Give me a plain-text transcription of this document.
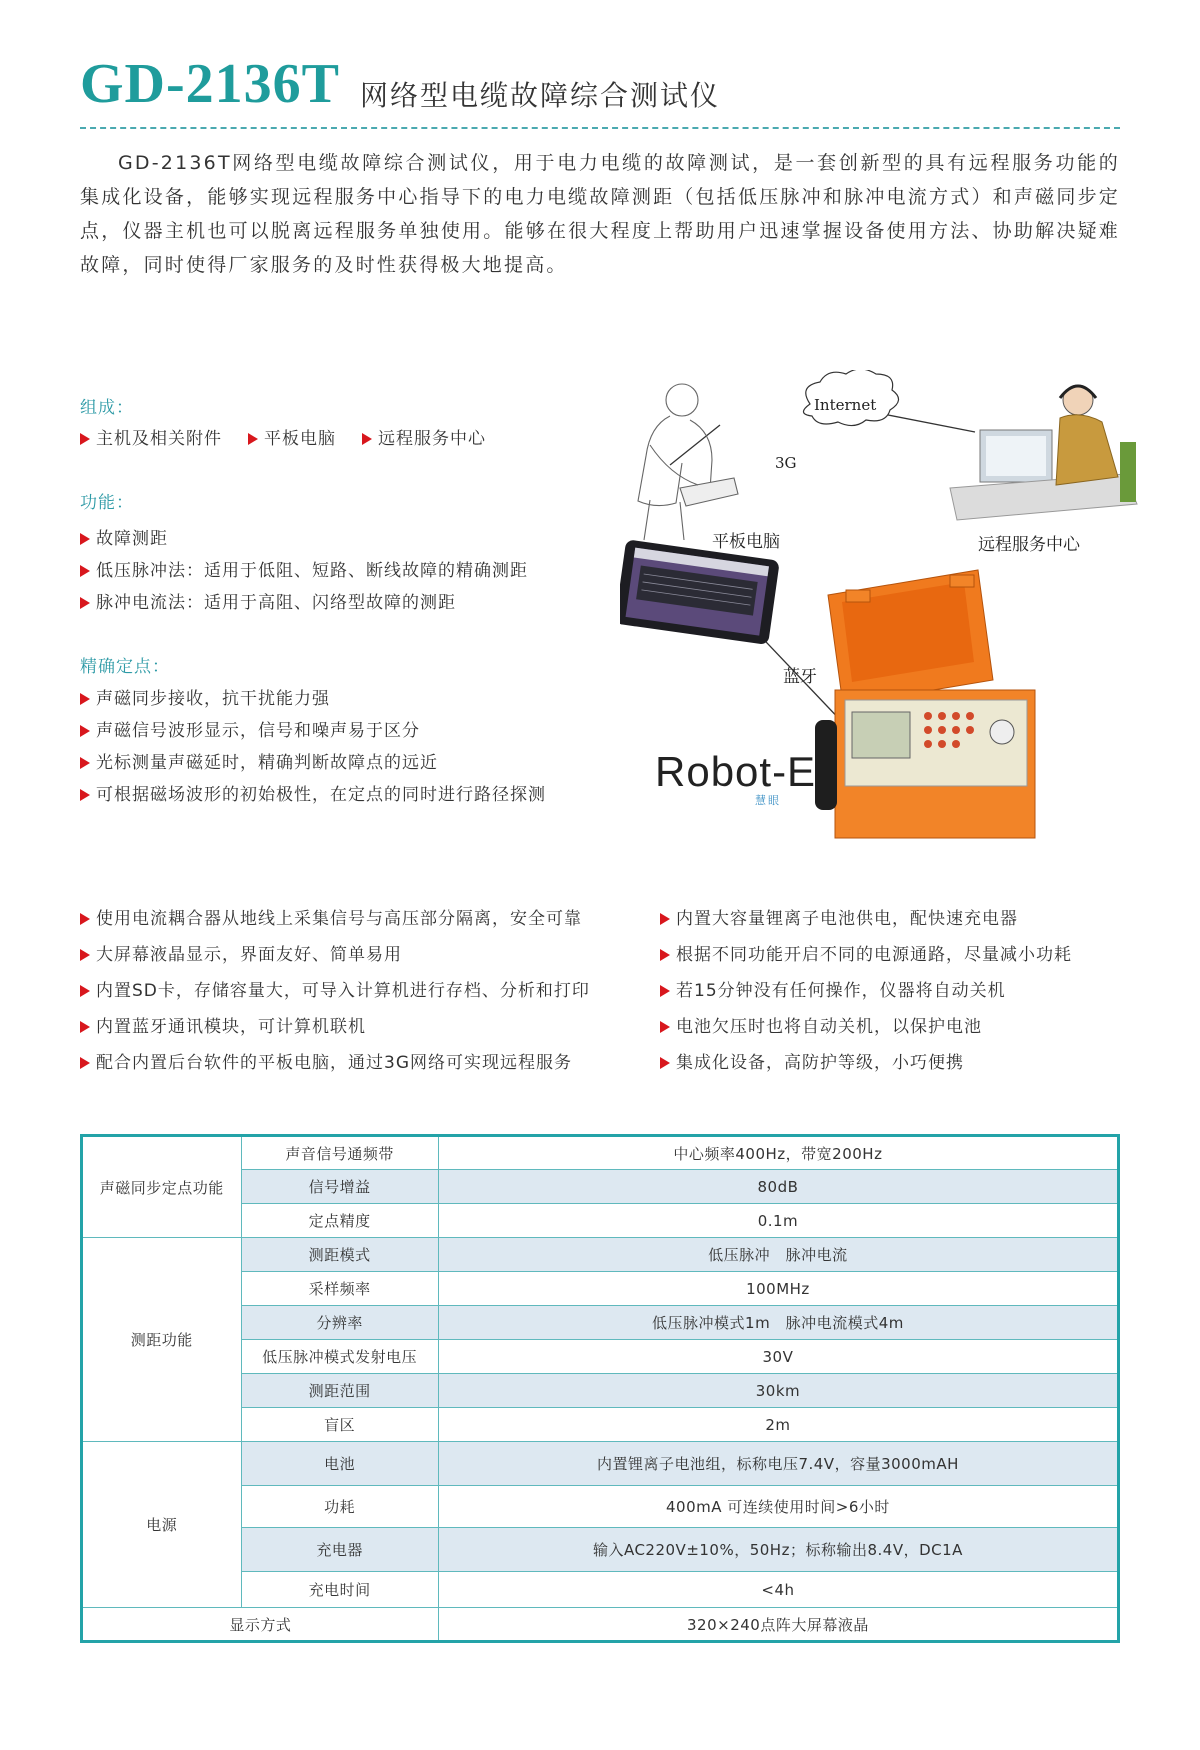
GD-2136T 网络型电缆故障综合测试仪

GD-2136T网络型电缆故障综合测试仪，用于电力电缆的故障测试，是一套创新型的具有远程服务功能的集成化设备，能够实现远程服务中心指导下的电力电缆故障测距（包括低压脉冲和脉冲电流方式）和声磁同步定点，仪器主机也可以脱离远程服务单独使用。能够在很大程度上帮助用户迅速掌握设备使用方法、协助解决疑难故障，同时使得厂家服务的及时性获得极大地提高。

组成：
主机及相关附件	平板电脑	远程服务中心
功能：
故障测距
低压脉冲法：适用于低阻、短路、断线故障的精确测距
脉冲电流法：适用于高阻、闪络型故障的测距
精确定点：
声磁同步接收，抗干扰能力强
声磁信号波形显示，信号和噪声易于区分
光标测量声磁延时，精确判断故障点的远近
可根据磁场波形的初始极性，在定点的同时进行路径探测
Internet
3G
平板电脑	远程服务中心
蓝牙
Robot-E
慧眼
使用电流耦合器从地线上采集信号与高压部分隔离，安全可靠
大屏幕液晶显示，界面友好、简单易用
内置SD卡，存储容量大，可导入计算机进行存档、分析和打印
内置蓝牙通讯模块，可计算机联机
配合内置后台软件的平板电脑，通过3G网络可实现远程服务
内置大容量锂离子电池供电，配快速充电器
根据不同功能开启不同的电源通路，尽量减小功耗
若15分钟没有任何操作，仪器将自动关机
电池欠压时也将自动关机，以保护电池
集成化设备，高防护等级，小巧便携
声磁同步定点功能	声音信号通频带	中心频率400Hz，带宽200Hz
	信号增益	80dB
	定点精度	0.1m
测距功能	测距模式	低压脉冲　脉冲电流
	采样频率	100MHz
	分辨率	低压脉冲模式1m　脉冲电流模式4m
	低压脉冲模式发射电压	30V
	测距范围	30km
	盲区	2m
电源	电池	内置锂离子电池组，标称电压7.4V，容量3000mAH
	功耗	400mA 可连续使用时间>6小时
	充电器	输入AC220V±10%，50Hz；标称输出8.4V，DC1A
	充电时间	<4h
显示方式		320×240点阵大屏幕液晶
